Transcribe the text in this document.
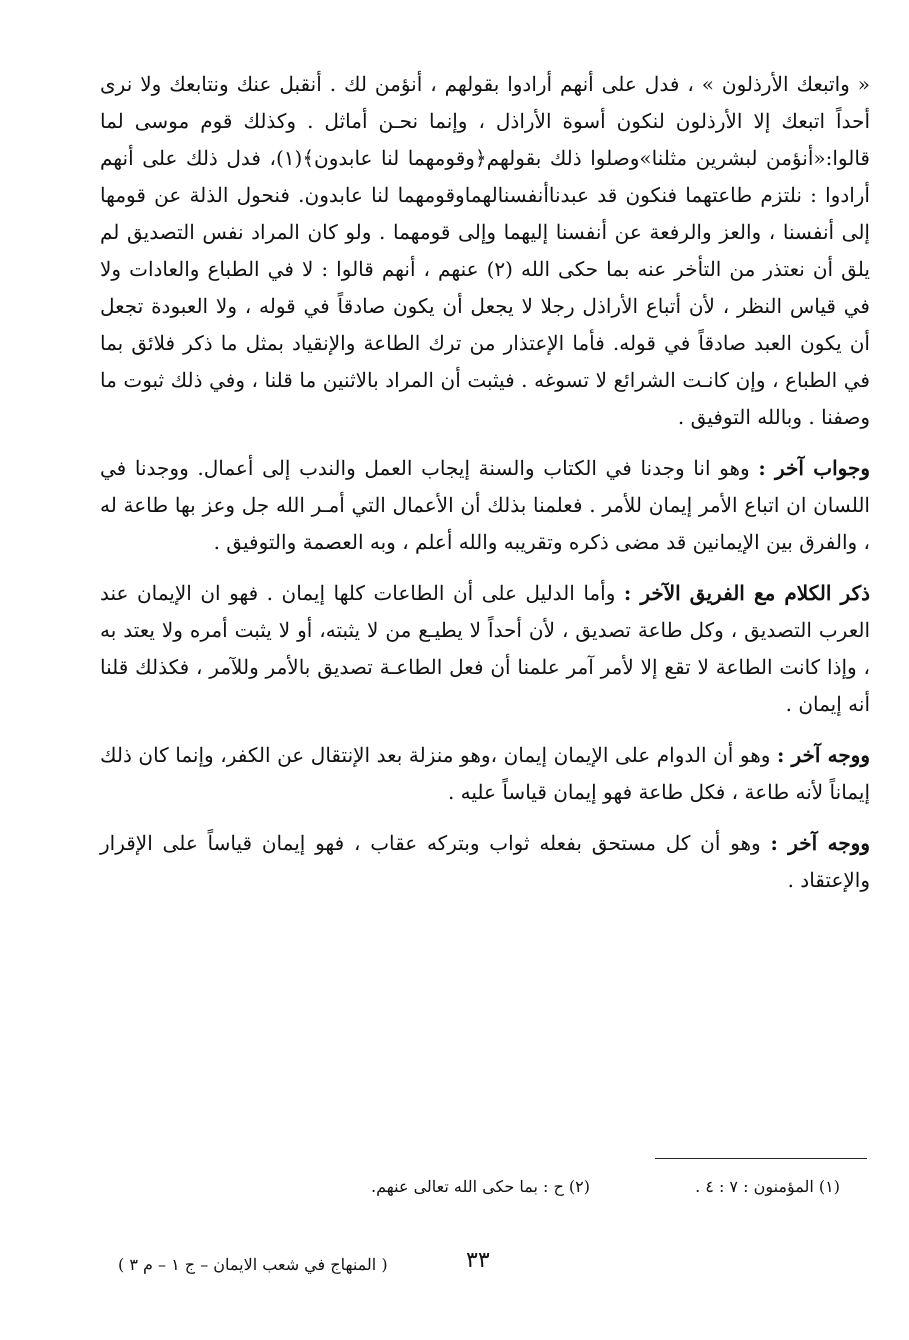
« واتبعك الأرذلون » ، فدل على أنهم أرادوا بقولهم ، أنؤمن لك . أنقبل عنك ونتابعك ولا نرى أحداً اتبعك إلا الأرذلون لنكون أسوة الأراذل ، وإنما نحـن أماثل . وكذلك قوم موسى لما قالوا:«أنؤمن لبشرين مثلنا»وصلوا ذلك بقولهم﴿وقومهما لنا عابدون﴾(١)، فدل ذلك على أنهم أرادوا : نلتزم طاعتهما فنكون قد عبدناأنفسنالهماوقومهما لنا عابدون. فنحول الذلة عن قومها إلى أنفسنا ، والعز والرفعة عن أنفسنا إليهما وإلى قومهما . ولو كان المراد نفس التصديق لم يلق أن نعتذر من التأخر عنه بما حكى الله (٢) عنهم ، أنهم قالوا : لا في الطباع والعادات ولا في قياس النظر ، لأن أتباع الأراذل رجلا لا يجعل أن يكون صادقاً في قوله ، ولا العبودة تجعل أن يكون العبد صادقاً في قوله. فأما الإعتذار من ترك الطاعة والإنقياد بمثل ما ذكر فلائق بما في الطباع ، وإن كانـت الشرائع لا تسوغه . فيثبت أن المراد بالاثنين ما قلنا ، وفي ذلك ثبوت ما وصفنا . وبالله التوفيق .

وجواب آخر : وهو انا وجدنا في الكتاب والسنة إيجاب العمل والندب إلى أعمال. ووجدنا في اللسان ان اتباع الأمر إيمان للأمر . فعلمنا بذلك أن الأعمال التي أمـر الله جل وعز بها طاعة له ، والفرق بين الإيمانين قد مضى ذكره وتقريبه والله أعلم ، وبه العصمة والتوفيق .

ذكر الكلام مع الفريق الآخر : وأما الدليل على أن الطاعات كلها إيمان . فهو ان الإيمان عند العرب التصديق ، وكل طاعة تصديق ، لأن أحداً لا يطيـع من لا يثبته، أو لا يثبت أمره ولا يعتد به ، وإذا كانت الطاعة لا تقع إلا لأمر آمر علمنا أن فعل الطاعـة تصديق بالأمر وللآمر ، فكذلك قلنا أنه إيمان .

ووجه آخر : وهو أن الدوام على الإيمان إيمان ،وهو منزلة بعد الإنتقال عن الكفر، وإنما كان ذلك إيماناً لأنه طاعة ، فكل طاعة فهو إيمان قياساً عليه .

ووجه آخر : وهو أن كل مستحق بفعله ثواب وبتركه عقاب ، فهو إيمان قياساً على الإقرار والإعتقاد .

(١) المؤمنون : ٧ : ٤ .
(٢) ح : بما حكى الله تعالى عنهم.
٣٣
( المنهاج في شعب الايمان – ج ١ – م ٣ )
